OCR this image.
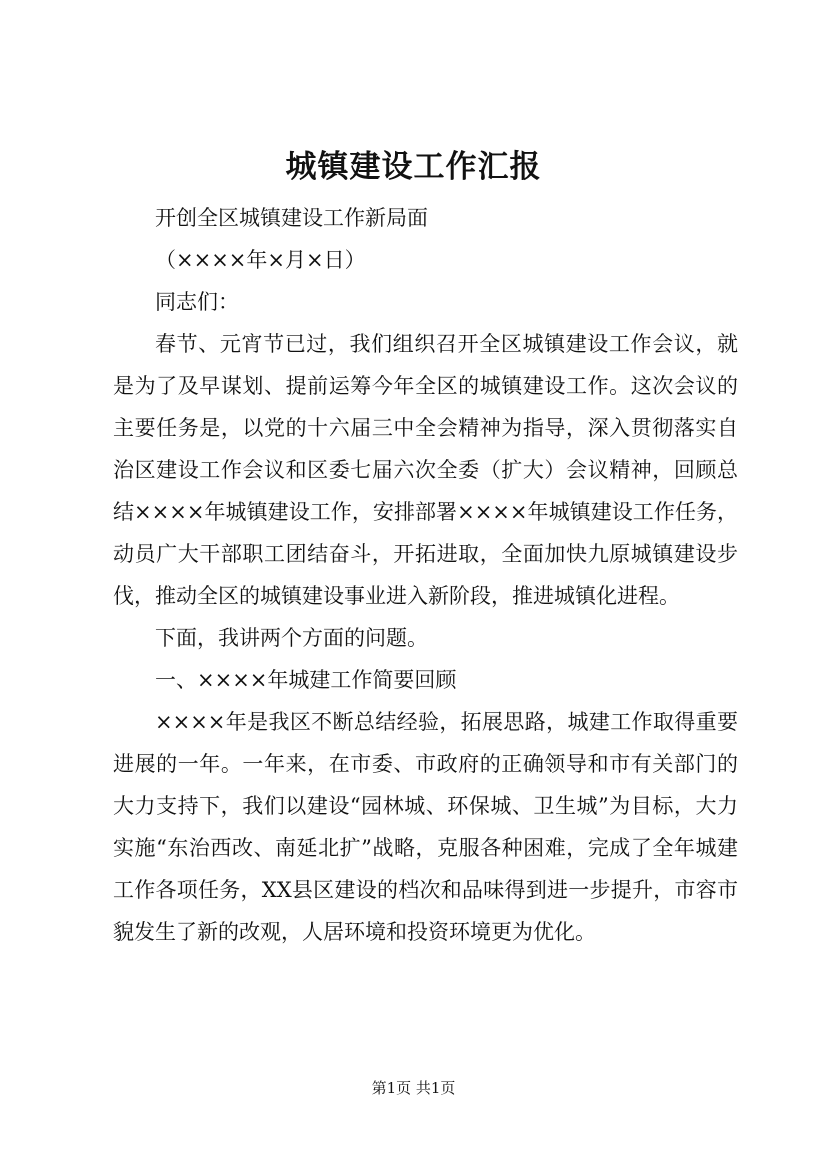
城镇建设工作汇报

开创全区城镇建设工作新局面

（××××年×月×日）

同志们：

春节、元宵节已过，我们组织召开全区城镇建设工作会议，就是为了及早谋划、提前运筹今年全区的城镇建设工作。这次会议的主要任务是，以党的十六届三中全会精神为指导，深入贯彻落实自治区建设工作会议和区委七届六次全委（扩大）会议精神，回顾总结××××年城镇建设工作，安排部署××××年城镇建设工作任务，动员广大干部职工团结奋斗，开拓进取，全面加快九原城镇建设步伐，推动全区的城镇建设事业进入新阶段，推进城镇化进程。

下面，我讲两个方面的问题。

一、××××年城建工作简要回顾

××××年是我区不断总结经验，拓展思路，城建工作取得重要进展的一年。一年来，在市委、市政府的正确领导和市有关部门的大力支持下，我们以建设“园林城、环保城、卫生城”为目标，大力实施“东治西改、南延北扩”战略，克服各种困难，完成了全年城建工作各项任务，XX县区建设的档次和品味得到进一步提升，市容市貌发生了新的改观，人居环境和投资环境更为优化。

第1页 共1页
